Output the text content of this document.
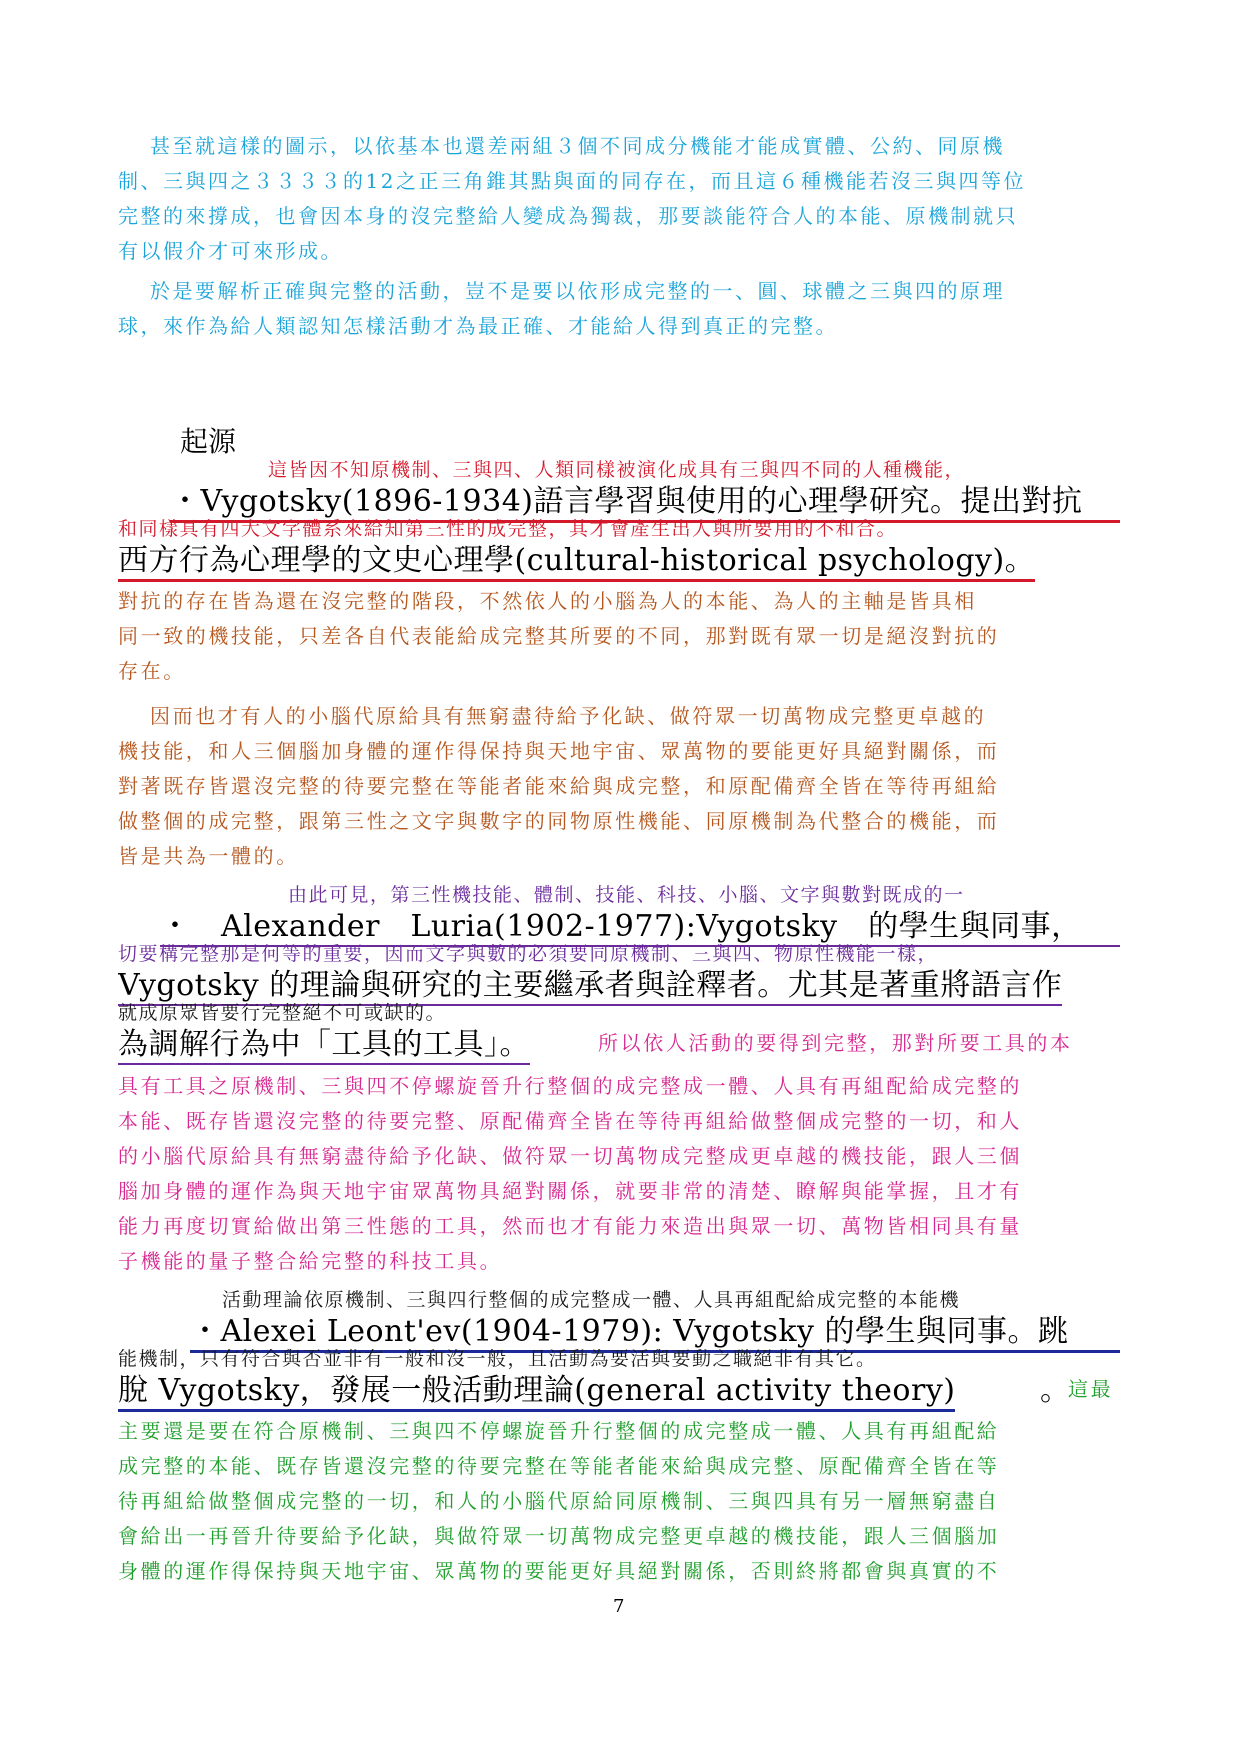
甚至就這樣的圖示，以依基本也還差兩組３個不同成分機能才能成實體、公約、同原機
制、三與四之３３３３的12之正三角錐其點與面的同存在，而且這６種機能若沒三與四等位
完整的來撐成，也會因本身的沒完整給人變成為獨裁，那要談能符合人的本能、原機制就只
有以假介才可來形成。
於是要解析正確與完整的活動，豈不是要以依形成完整的一、圓、球體之三與四的原理
球，來作為給人類認知怎樣活動才為最正確、才能給人得到真正的完整。
起源
這皆因不知原機制、三與四、人類同樣被演化成具有三與四不同的人種機能，
・Vygotsky(1896-1934)語言學習與使用的心理學研究。提出對抗
和同樣具有四大文字體系來給知第三性的成完整，其才會產生出人與所要用的不和合。
西方行為心理學的文史心理學(cultural-historical psychology)。
對抗的存在皆為還在沒完整的階段，不然依人的小腦為人的本能、為人的主軸是皆具相
同一致的機技能，只差各自代表能給成完整其所要的不同，那對既有眾一切是絕沒對抗的
存在。
因而也才有人的小腦代原給具有無窮盡待給予化缺、做符眾一切萬物成完整更卓越的
機技能，和人三個腦加身體的運作得保持與天地宇宙、眾萬物的要能更好具絕對關係，而
對著既存皆還沒完整的待要完整在等能者能來給與成完整，和原配備齊全皆在等待再組給
做整個的成完整，跟第三性之文字與數字的同物原性機能、同原機制為代整合的機能，而
皆是共為一體的。
由此可見，第三性機技能、體制、技能、科技、小腦、文字與數對既成的一
・　Alexander　Luria(1902-1977):Vygotsky　的學生與同事，
切要構完整那是何等的重要，因而文字與數的必須要同原機制、三與四、物原性機能一樣，
Vygotsky 的理論與研究的主要繼承者與詮釋者。尤其是著重將語言作
就成原眾皆要行完整絕不可或缺的。
為調解行為中「工具的工具」。	所以依人活動的要得到完整，那對所要工具的本
具有工具之原機制、三與四不停螺旋晉升行整個的成完整成一體、人具有再組配給成完整的
本能、既存皆還沒完整的待要完整、原配備齊全皆在等待再組給做整個成完整的一切，和人
的小腦代原給具有無窮盡待給予化缺、做符眾一切萬物成完整成更卓越的機技能，跟人三個
腦加身體的運作為與天地宇宙眾萬物具絕對關係，就要非常的清楚、瞭解與能掌握，且才有
能力再度切實給做出第三性態的工具，然而也才有能力來造出與眾一切、萬物皆相同具有量
子機能的量子整合給完整的科技工具。
活動理論依原機制、三與四行整個的成完整成一體、人具再組配給成完整的本能機
・Alexei Leont'ev(1904-1979): Vygotsky 的學生與同事。跳
能機制，只有符合與否並非有一般和沒一般，且活動為要活與要動之職絕非有其它。
脫 Vygotsky，發展一般活動理論(general activity theory)	。
這最
主要還是要在符合原機制、三與四不停螺旋晉升行整個的成完整成一體、人具有再組配給
成完整的本能、既存皆還沒完整的待要完整在等能者能來給與成完整、原配備齊全皆在等
待再組給做整個成完整的一切，和人的小腦代原給同原機制、三與四具有另一層無窮盡自
會給出一再晉升待要給予化缺，與做符眾一切萬物成完整更卓越的機技能，跟人三個腦加
身體的運作得保持與天地宇宙、眾萬物的要能更好具絕對關係，否則終將都會與真實的不
7
